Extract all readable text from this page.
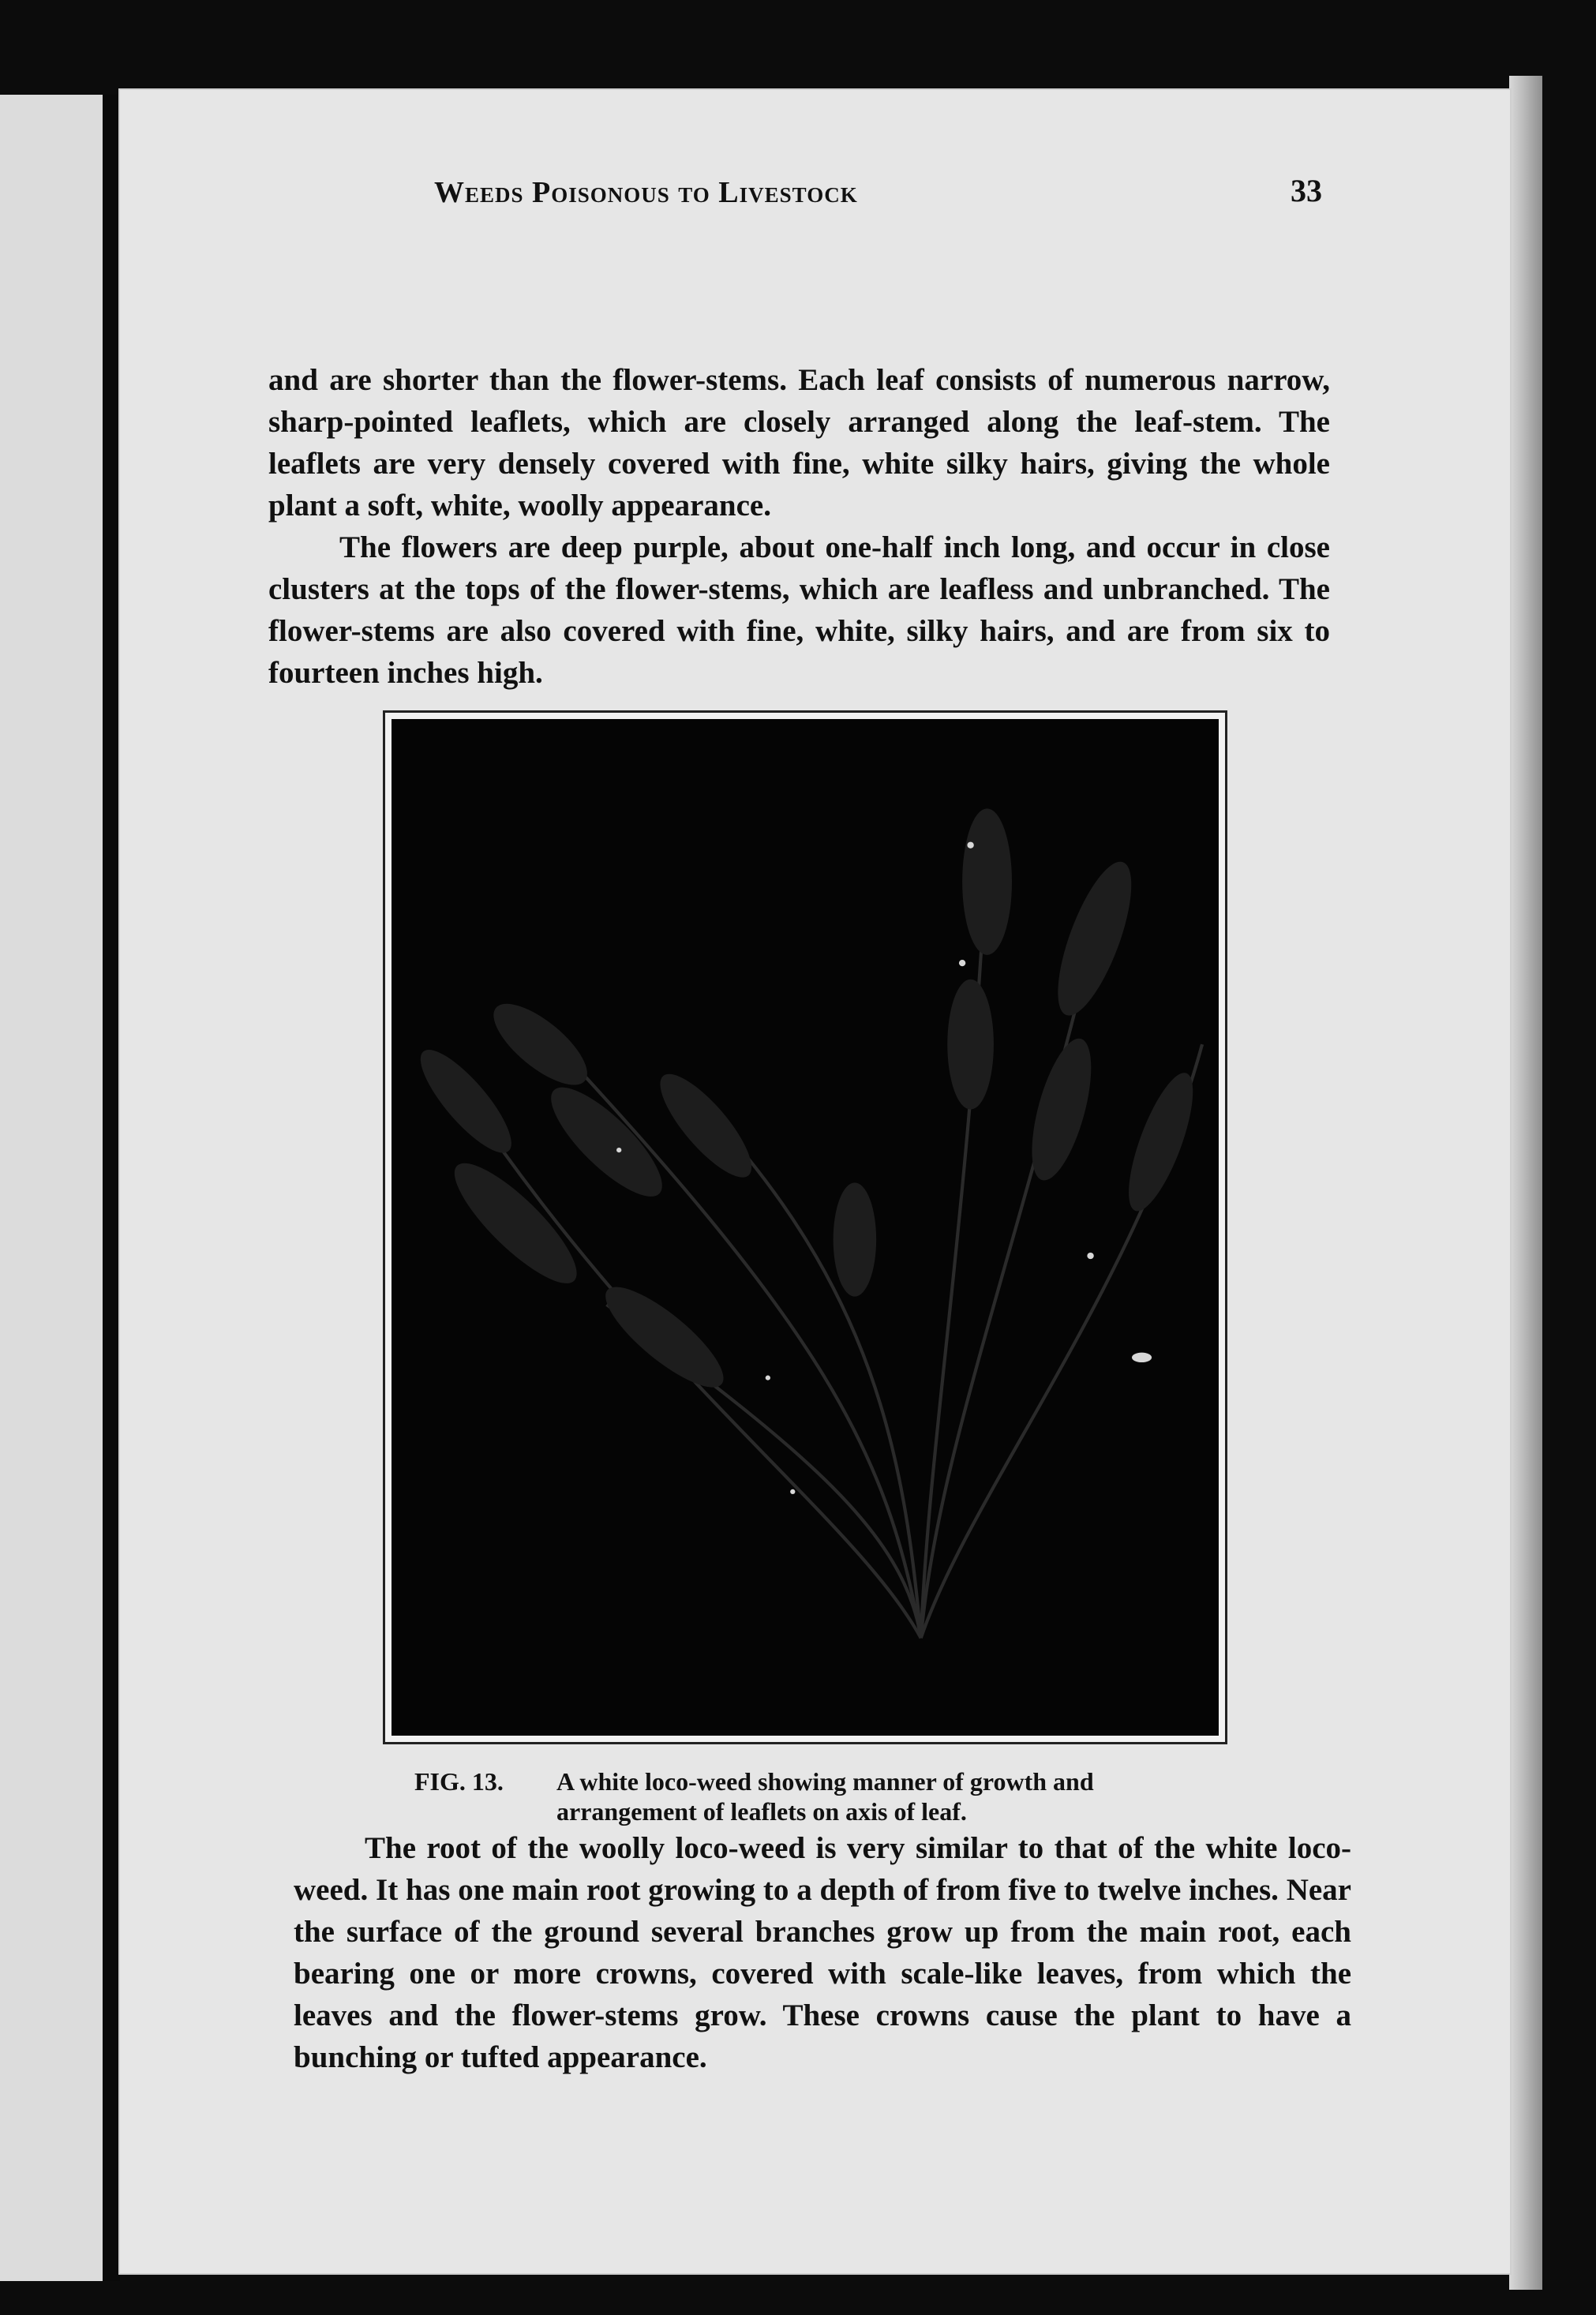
Weeds Poisonous to Livestock	33

and are shorter than the flower-stems. Each leaf consists of numerous narrow, sharp-pointed leaflets, which are closely arranged along the leaf-stem. The leaflets are very densely covered with fine, white silky hairs, giving the whole plant a soft, white, woolly appearance.
The flowers are deep purple, about one-half inch long, and occur in close clusters at the tops of the flower-stems, which are leafless and unbranched. The flower-stems are also covered with fine, white, silky hairs, and are from six to fourteen inches high.

FIG. 13. A white loco-weed showing manner of growth and
arrangement of leaflets on axis of leaf.

The root of the woolly loco-weed is very similar to that of the white loco-weed. It has one main root growing to a depth of from five to twelve inches. Near the surface of the ground several branches grow up from the main root, each bearing one or more crowns, covered with scale-like leaves, from which the leaves and the flower-stems grow. These crowns cause the plant to have a bunching or tufted appearance.
